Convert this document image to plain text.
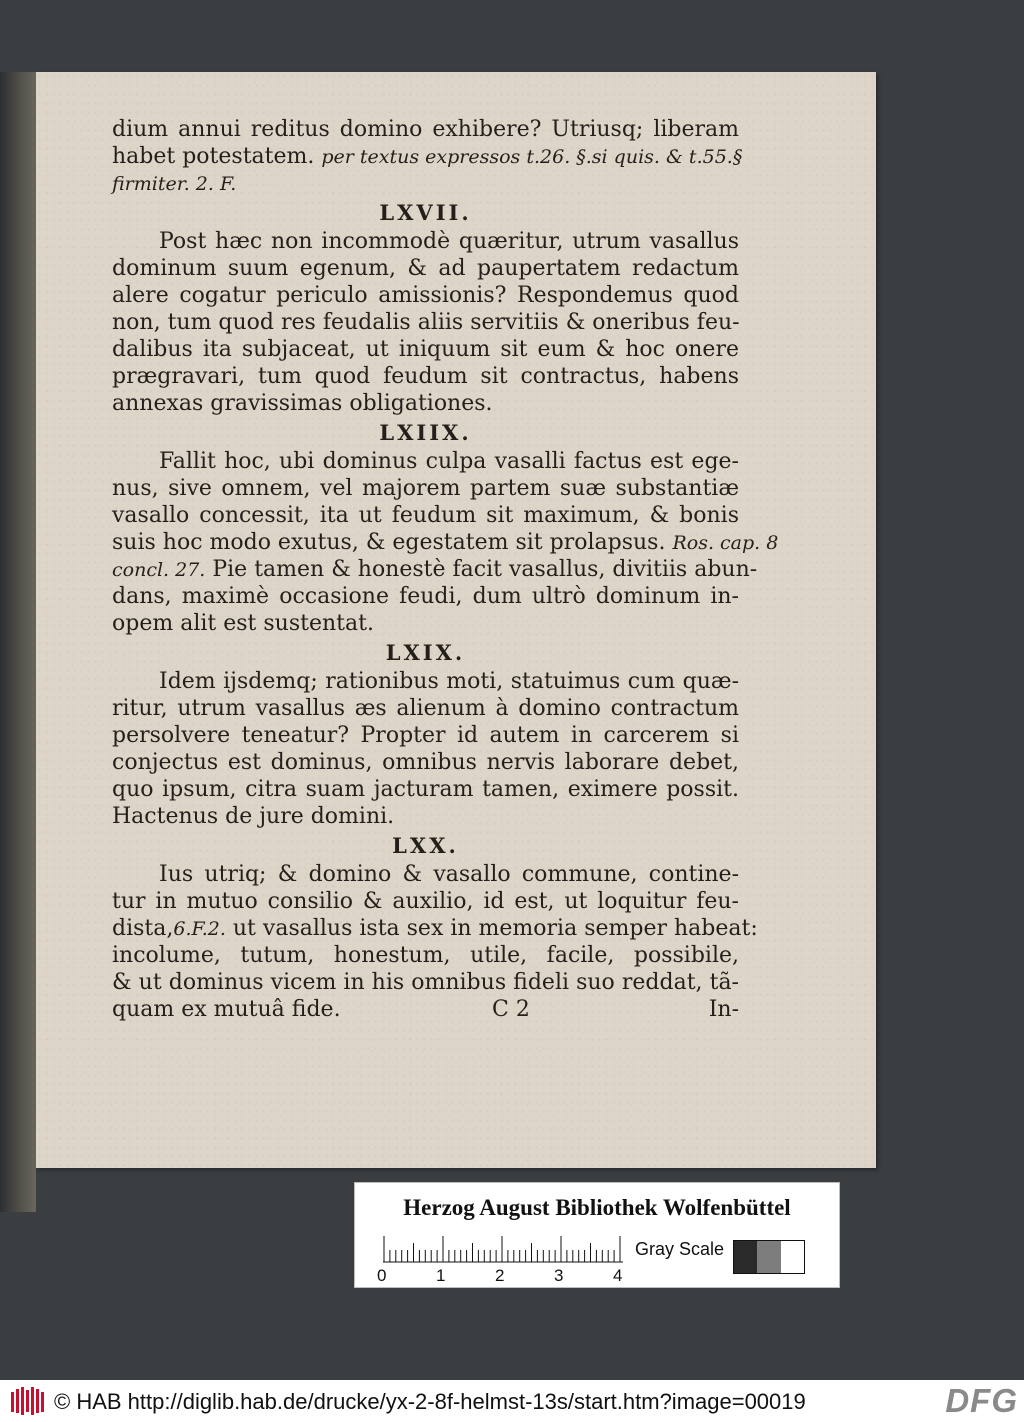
dium annui reditus domino exhibere? Utriusq; liberam

habet potestatem. per textus expressos t.26. §.si quis. & t.55.§

firmiter. 2. F.

LXVII.

Post hæc non incommodè quæritur, utrum vasallus

dominum suum egenum, & ad paupertatem redactum

alere cogatur periculo amissionis? Respondemus quod

non, tum quod res feudalis aliis servitiis & oneribus feu-

dalibus ita subjaceat, ut iniquum sit eum & hoc onere

prægravari, tum quod feudum sit contractus, habens

annexas gravissimas obligationes.

LXIIX.

Fallit hoc, ubi dominus culpa vasalli factus est ege-

nus, sive omnem, vel majorem partem suæ substantiæ

vasallo concessit, ita ut feudum sit maximum, & bonis

suis hoc modo exutus, & egestatem sit prolapsus. Ros. cap. 8

concl. 27. Pie tamen & honestè facit vasallus, divitiis abun-

dans, maximè occasione feudi, dum ultrò dominum in-

opem alit est sustentat.

LXIX.

Idem ijsdemq; rationibus moti, statuimus cum quæ-

ritur, utrum vasallus æs alienum à domino contractum

persolvere teneatur? Propter id autem in carcerem si

conjectus est dominus, omnibus nervis laborare debet,

quo ipsum, citra suam jacturam tamen, eximere possit.

Hactenus de jure domini.

LXX.

Ius utriq; & domino & vasallo commune, contine-

tur in mutuo consilio & auxilio, id est, ut loquitur feu-

dista,6.F.2. ut vasallus ista sex in memoria semper habeat:

incolume, tutum, honestum, utile, facile, possibile,

& ut dominus vicem in his omnibus fideli suo reddat, tã-

quam ex mutuâ fide.	C 2	In-
Herzog August Bibliothek Wolfenbüttel
0	1	2	3	4
Gray Scale
© HAB http://diglib.hab.de/drucke/yx-2-8f-helmst-13s/start.htm?image=00019	DFG
